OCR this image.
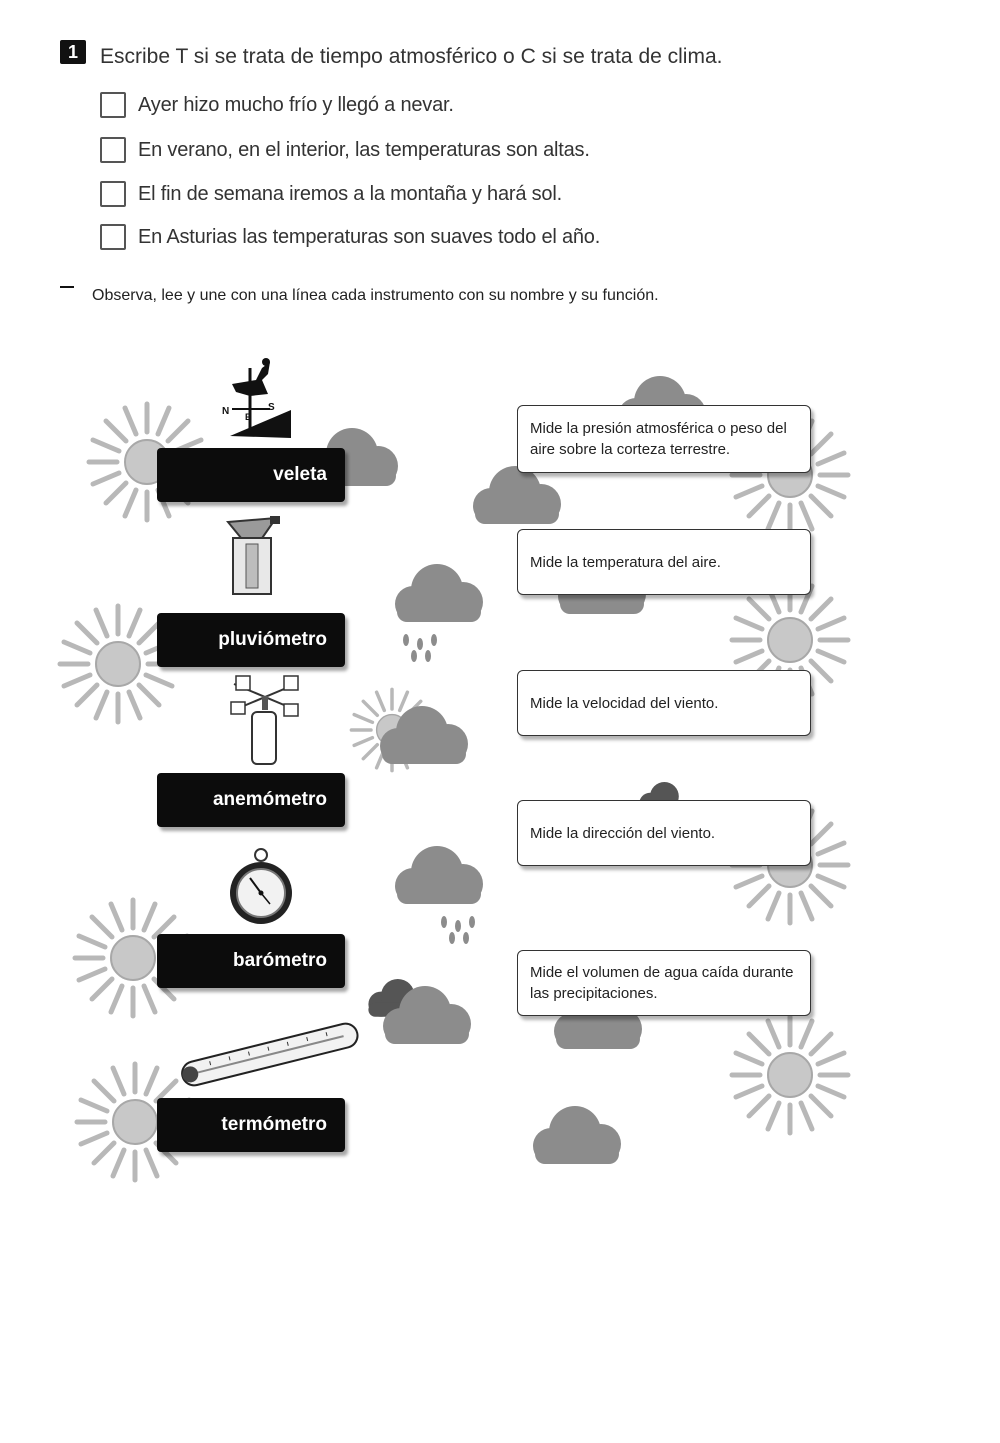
1	Escribe T si se trata de tiempo atmosférico o C si se trata de clima.
Ayer hizo mucho frío y llegó a nevar.
En verano, en el interior, las temperaturas son altas.
El fin de semana iremos a la montaña y hará sol.
En Asturias las temperaturas son suaves todo el año.
Observa, lee y une con una línea cada instrumento con su nombre y su función.
N	S
E
veleta
pluviómetro
anemómetro
barómetro
termómetro
Mide la presión atmosférica o peso del aire sobre la corteza terrestre.
Mide la temperatura del aire.
Mide la velocidad del viento.
Mide la dirección del viento.
Mide el volumen de agua caída durante las precipitaciones.
